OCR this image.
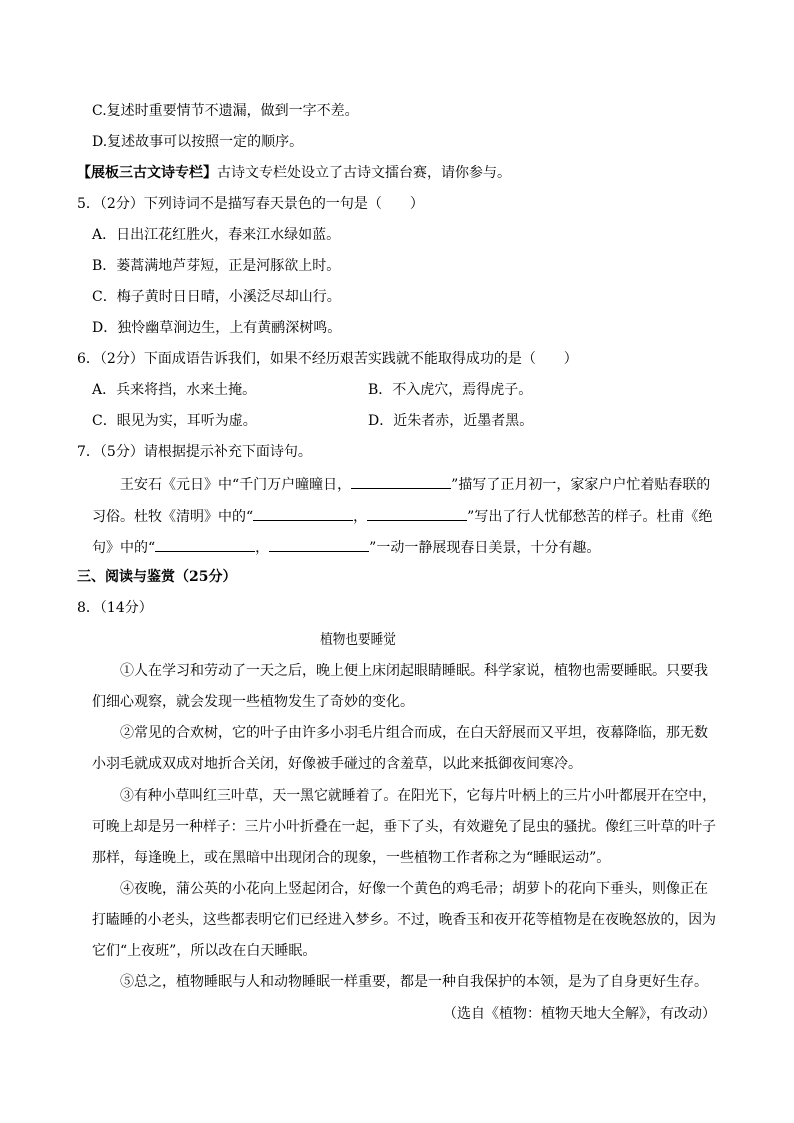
C.复述时重要情节不遗漏，做到一字不差。
D.复述故事可以按照一定的顺序。
【展板三古文诗专栏】古诗文专栏处设立了古诗文擂台赛，请你参与。
5．（2分）下列诗词不是描写春天景色的一句是（　　）
A．日出江花红胜火，春来江水绿如蓝。
B．蒌蒿满地芦芽短，正是河豚欲上时。
C．梅子黄时日日晴，小溪泛尽却山行。
D．独怜幽草涧边生，上有黄鹂深树鸣。
6．（2分）下面成语告诉我们，如果不经历艰苦实践就不能取得成功的是（　　）
A．兵来将挡，水来土掩。	B．不入虎穴，焉得虎子。
C．眼见为实，耳听为虚。	D．近朱者赤，近墨者黑。
7．（5分）请根据提示补充下面诗句。
王安石《元日》中“千门万户曈曈日，	”描写了正月初一，家家户户忙着贴春联的
习俗。杜牧《清明》中的“	，	”写出了行人忧郁愁苦的样子。杜甫《绝
句》中的“	，	”一动一静展现春日美景，十分有趣。
三、阅读与鉴赏（25分）
8．（14分）
植物也要睡觉
①人在学习和劳动了一天之后，晚上便上床闭起眼睛睡眠。科学家说，植物也需要睡眠。只要我
们细心观察，就会发现一些植物发生了奇妙的变化。
②常见的合欢树，它的叶子由许多小羽毛片组合而成，在白天舒展而又平坦，夜幕降临，那无数
小羽毛就成双成对地折合关闭，好像被手碰过的含羞草，以此来抵御夜间寒冷。
③有种小草叫红三叶草，天一黑它就睡着了。在阳光下，它每片叶柄上的三片小叶都展开在空中，
可晚上却是另一种样子：三片小叶折叠在一起，垂下了头，有效避免了昆虫的骚扰。像红三叶草的叶子
那样，每逢晚上，或在黑暗中出现闭合的现象，一些植物工作者称之为“睡眠运动”。
④夜晚，蒲公英的小花向上竖起闭合，好像一个黄色的鸡毛帚；胡萝卜的花向下垂头，则像正在
打瞌睡的小老头，这些都表明它们已经进入梦乡。不过，晚香玉和夜开花等植物是在夜晚怒放的，因为
它们“上夜班”，所以改在白天睡眠。
⑤总之，植物睡眠与人和动物睡眠一样重要，都是一种自我保护的本领，是为了自身更好生存。
（选自《植物：植物天地大全解》，有改动）
